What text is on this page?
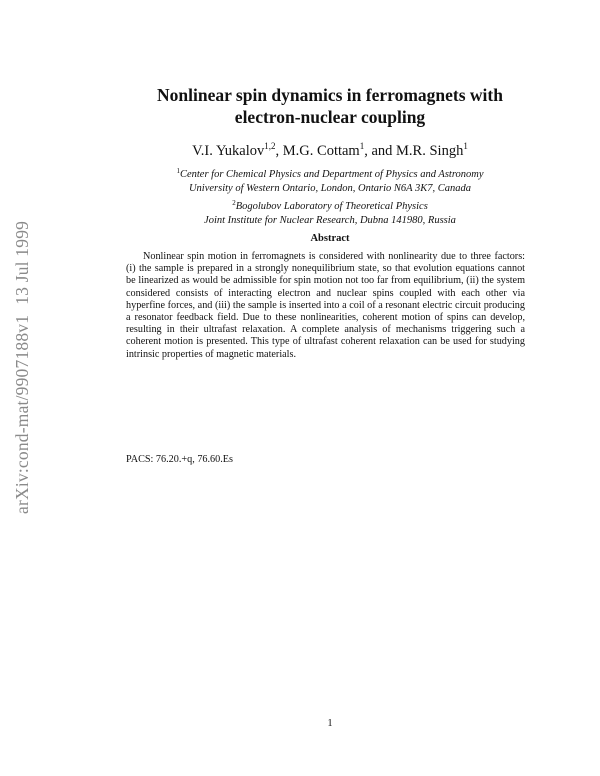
arXiv:cond-mat/9907188v113 Jul 1999
Nonlinear spin dynamics in ferromagnets with
electron-nuclear coupling
V.I. Yukalov$^{1,2}$, M.G. Cottam$^1$, and M.R. Singh$^1$
$^1$Center for Chemical Physics and Department of Physics and Astronomy
University of Western Ontario, London, Ontario N6A 3K7, Canada
$^2$Bogolubov Laboratory of Theoretical Physics
Joint Institute for Nuclear Research, Dubna 141980, Russia
Abstract
Nonlinear spin motion in ferromagnets is considered with nonlinearity due to three factors: (i) the sample is prepared in a strongly nonequilibrium state, so that evolution equations cannot be linearized as would be admissible for spin motion not too far from equilibrium, (ii) the system considered consists of interacting electron and nuclear spins coupled with each other via hyperfine forces, and (iii) the sample is inserted into a coil of a resonant electric circuit producing a resonator feedback field. Due to these nonlinearities, coherent motion of spins can develop, resulting in their ultrafast relaxation. A complete analysis of mechanisms triggering such a coherent motion is presented. This type of ultrafast coherent relaxation can be used for studying intrinsic properties of magnetic materials.
PACS: 76.20.+q, 76.60.Es
1
